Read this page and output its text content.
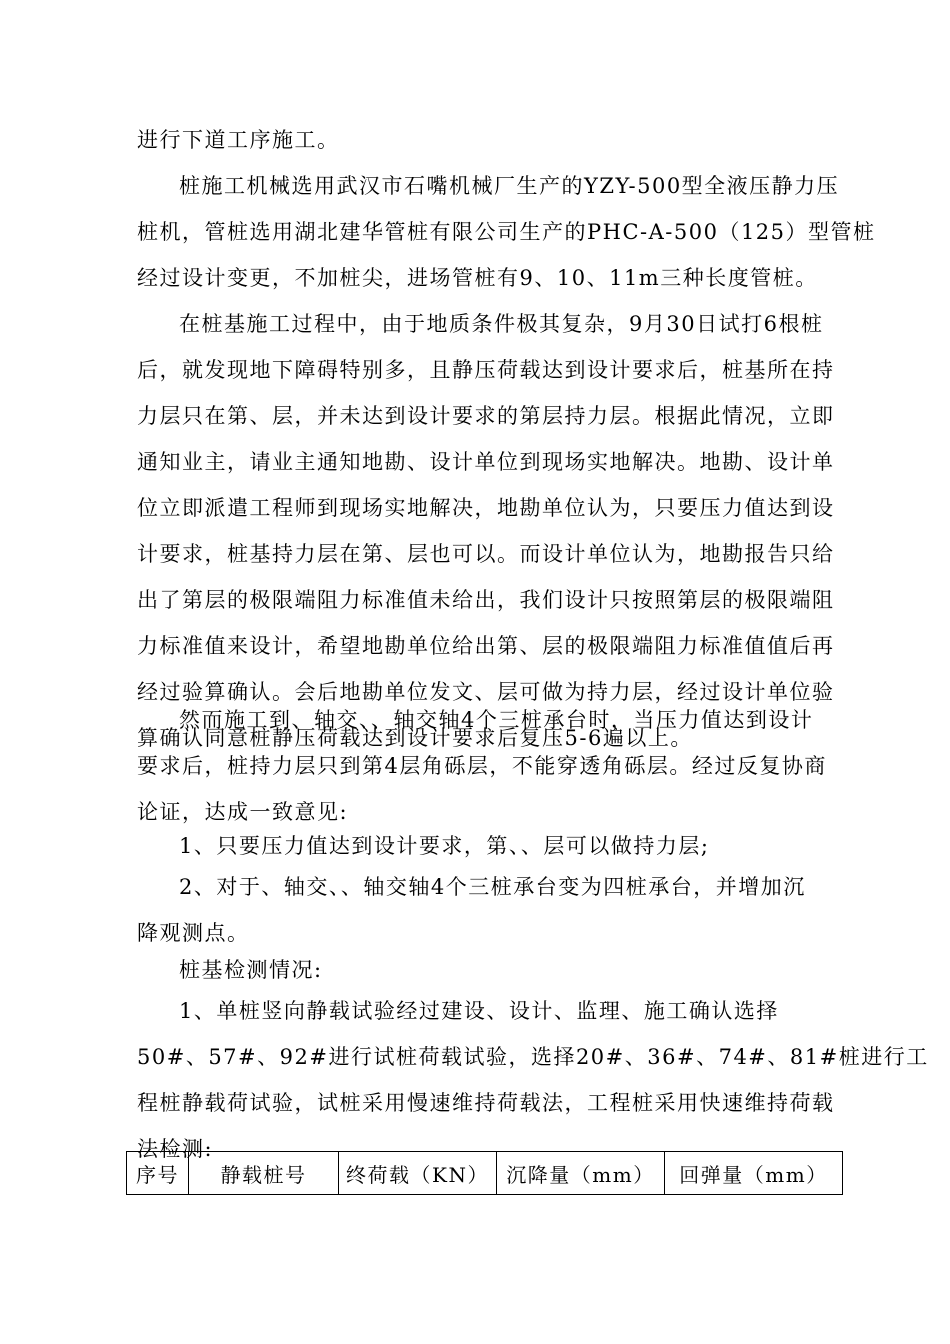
进行下道工序施工。
桩施工机械选用武汉市石嘴机械厂生产的YZY-500型全液压静力压
桩机，管桩选用湖北建华管桩有限公司生产的PHC-A-500（125）型管桩
经过设计变更，不加桩尖，进场管桩有9、10、11m三种长度管桩。
在桩基施工过程中，由于地质条件极其复杂，9月30日试打6根桩
后，就发现地下障碍特别多，且静压荷载达到设计要求后，桩基所在持
力层只在第、层，并未达到设计要求的第层持力层。根据此情况，立即
通知业主，请业主通知地勘、设计单位到现场实地解决。地勘、设计单
位立即派遣工程师到现场实地解决，地勘单位认为，只要压力值达到设
计要求，桩基持力层在第、层也可以。而设计单位认为，地勘报告只给
出了第层的极限端阻力标准值未给出，我们设计只按照第层的极限端阻
力标准值来设计，希望地勘单位给出第、层的极限端阻力标准值值后再
经过验算确认。会后地勘单位发文、层可做为持力层，经过设计单位验
算确认同意桩静压荷载达到设计要求后复压5-6遍以上。
然而施工到、轴交、、轴交轴4个三桩承台时，当压力值达到设计
要求后，桩持力层只到第4层角砾层，不能穿透角砾层。经过反复协商
论证，达成一致意见:
1、只要压力值达到设计要求，第、、层可以做持力层;
2、对于、轴交、、轴交轴4个三桩承台变为四桩承台，并增加沉
降观测点。
桩基检测情况:
1、单桩竖向静载试验经过建设、设计、监理、施工确认选择
50#、57#、92#进行试桩荷载试验，选择20#、36#、74#、81#桩进行工
程桩静载荷试验，试桩采用慢速维持荷载法，工程桩采用快速维持荷载
法检测:
序号	静载桩号	终荷载（KN）	沉降量（mm）	回弹量（mm）
